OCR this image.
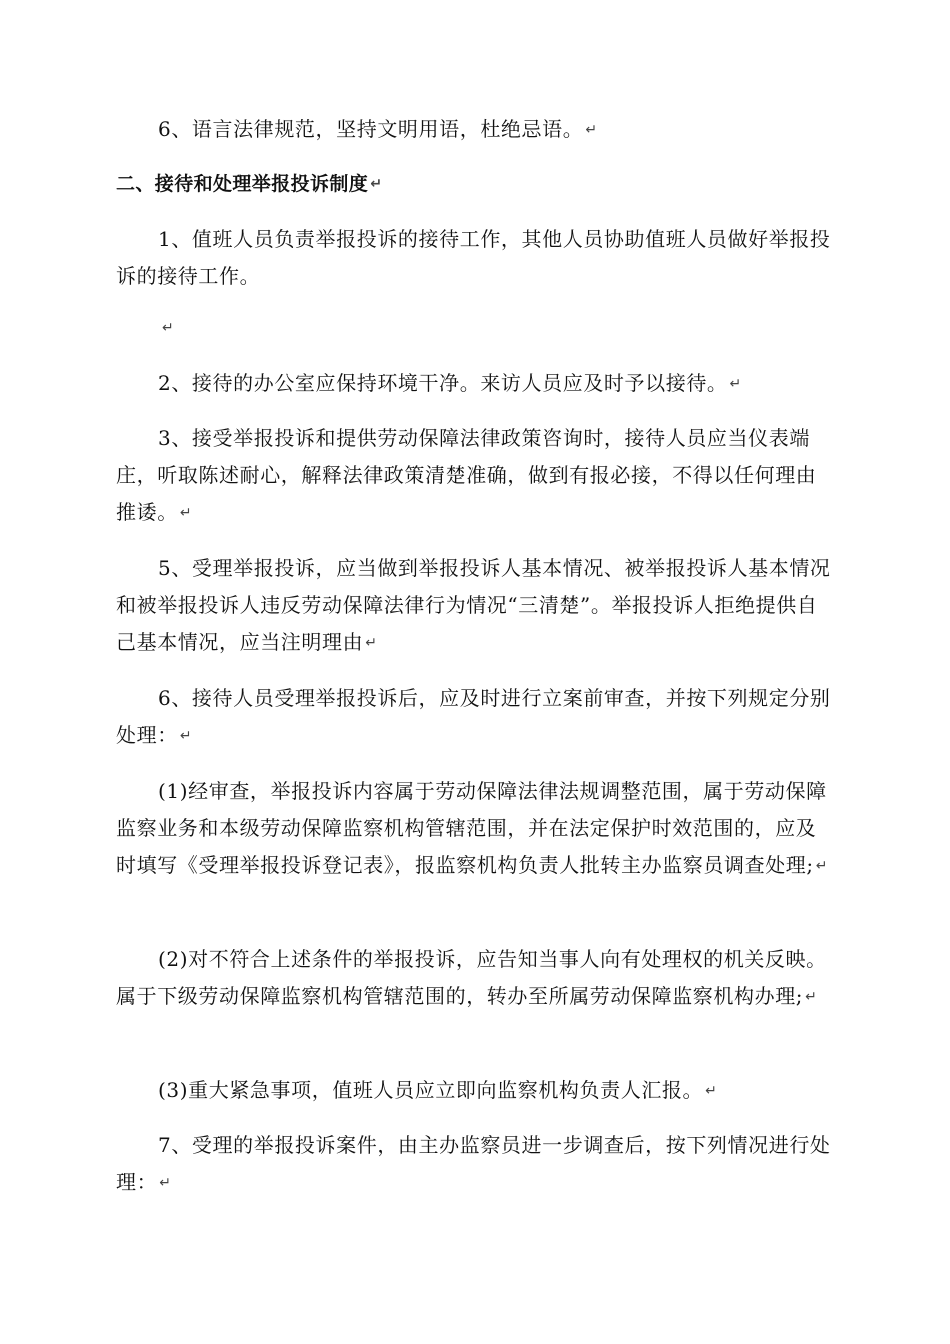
6、语言法律规范，坚持文明用语，杜绝忌语。 ↵

二、接待和处理举报投诉制度 ↵

1、值班人员负责举报投诉的接待工作，其他人员协助值班人员做好举报投诉的接待工作。

↵

2、接待的办公室应保持环境干净。来访人员应及时予以接待。 ↵

3、接受举报投诉和提供劳动保障法律政策咨询时，接待人员应当仪表端庄，听取陈述耐心，解释法律政策清楚准确，做到有报必接，不得以任何理由推诿。 ↵

5、受理举报投诉，应当做到举报投诉人基本情况、被举报投诉人基本情况和被举报投诉人违反劳动保障法律行为情况“三清楚”。举报投诉人拒绝提供自己基本情况，应当注明理由 ↵

6、接待人员受理举报投诉后，应及时进行立案前审查，并按下列规定分别处理： ↵

(1)经审查，举报投诉内容属于劳动保障法律法规调整范围，属于劳动保障监察业务和本级劳动保障监察机构管辖范围，并在法定保护时效范围的，应及时填写《受理举报投诉登记表》，报监察机构负责人批转主办监察员调查处理; ↵

(2)对不符合上述条件的举报投诉，应告知当事人向有处理权的机关反映。属于下级劳动保障监察机构管辖范围的，转办至所属劳动保障监察机构办理; ↵

(3)重大紧急事项，值班人员应立即向监察机构负责人汇报。 ↵

7、受理的举报投诉案件，由主办监察员进一步调查后，按下列情况进行处理： ↵
